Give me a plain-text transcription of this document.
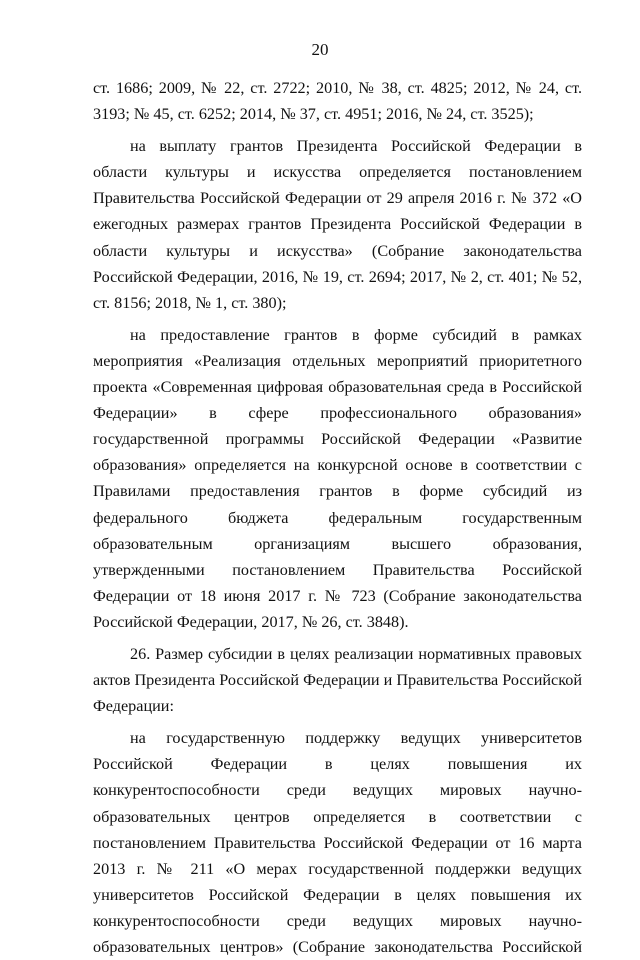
20

ст. 1686; 2009, № 22, ст. 2722; 2010, № 38, ст. 4825; 2012, № 24, ст. 3193; № 45, ст. 6252; 2014, № 37, ст. 4951; 2016, № 24, ст. 3525);

на выплату грантов Президента Российской Федерации в области культуры и искусства определяется постановлением Правительства Российской Федерации от 29 апреля 2016 г. № 372 «О ежегодных размерах грантов Президента Российской Федерации в области культуры и искусства» (Собрание законодательства Российской Федерации, 2016, № 19, ст. 2694; 2017, № 2, ст. 401; № 52, ст. 8156; 2018, № 1, ст. 380);

на предоставление грантов в форме субсидий в рамках мероприятия «Реализация отдельных мероприятий приоритетного проекта «Современная цифровая образовательная среда в Российской Федерации» в сфере профессионального образования» государственной программы Российской Федерации «Развитие образования» определяется на конкурсной основе в соответствии с Правилами предоставления грантов в форме субсидий из федерального бюджета федеральным государственным образовательным организациям высшего образования, утвержденными постановлением Правительства Российской Федерации от 18 июня 2017 г. № 723 (Собрание законодательства Российской Федерации, 2017, № 26, ст. 3848).

26. Размер субсидии в целях реализации нормативных правовых актов Президента Российской Федерации и Правительства Российской Федерации:

на государственную поддержку ведущих университетов Российской Федерации в целях повышения их конкурентоспособности среди ведущих мировых научно-образовательных центров определяется в соответствии с постановлением Правительства Российской Федерации от 16 марта 2013 г. № 211 «О мерах государственной поддержки ведущих университетов Российской Федерации в целях повышения их конкурентоспособности среди ведущих мировых научно-образовательных центров» (Собрание законодательства Российской
